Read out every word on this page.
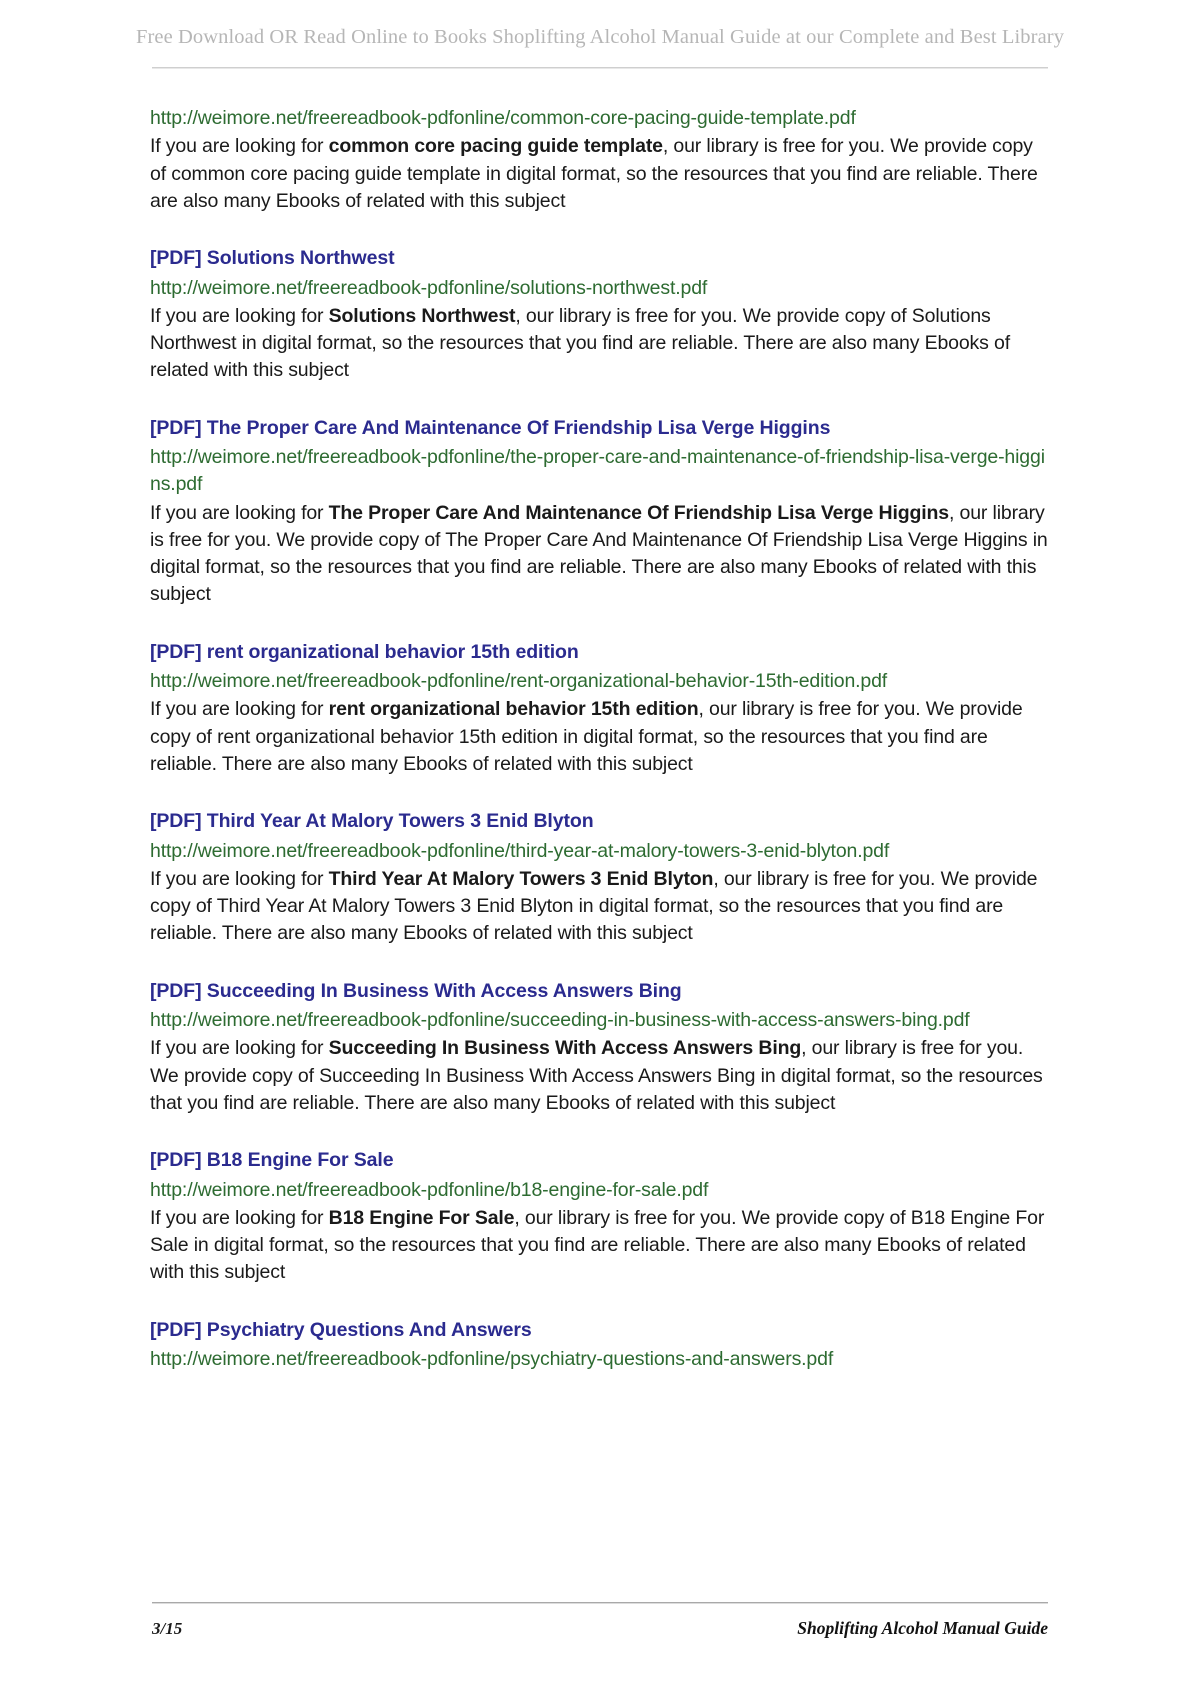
Free Download OR Read Online to Books Shoplifting Alcohol Manual Guide at our Complete and Best Library
http://weimore.net/freereadbook-pdfonline/common-core-pacing-guide-template.pdf

If you are looking for common core pacing guide template, our library is free for you. We provide copy of common core pacing guide template in digital format, so the resources that you find are reliable. There are also many Ebooks of related with this subject

[PDF] Solutions Northwest
http://weimore.net/freereadbook-pdfonline/solutions-northwest.pdf

If you are looking for Solutions Northwest, our library is free for you. We provide copy of Solutions Northwest in digital format, so the resources that you find are reliable. There are also many Ebooks of related with this subject

[PDF] The Proper Care And Maintenance Of Friendship Lisa Verge Higgins
http://weimore.net/freereadbook-pdfonline/the-proper-care-and-maintenance-of-friendship-lisa-verge-higgins.pdf

If you are looking for The Proper Care And Maintenance Of Friendship Lisa Verge Higgins, our library is free for you. We provide copy of The Proper Care And Maintenance Of Friendship Lisa Verge Higgins in digital format, so the resources that you find are reliable. There are also many Ebooks of related with this subject

[PDF] rent organizational behavior 15th edition
http://weimore.net/freereadbook-pdfonline/rent-organizational-behavior-15th-edition.pdf

If you are looking for rent organizational behavior 15th edition, our library is free for you. We provide copy of rent organizational behavior 15th edition in digital format, so the resources that you find are reliable. There are also many Ebooks of related with this subject

[PDF] Third Year At Malory Towers 3 Enid Blyton
http://weimore.net/freereadbook-pdfonline/third-year-at-malory-towers-3-enid-blyton.pdf

If you are looking for Third Year At Malory Towers 3 Enid Blyton, our library is free for you. We provide copy of Third Year At Malory Towers 3 Enid Blyton in digital format, so the resources that you find are reliable. There are also many Ebooks of related with this subject

[PDF] Succeeding In Business With Access Answers Bing
http://weimore.net/freereadbook-pdfonline/succeeding-in-business-with-access-answers-bing.pdf

If you are looking for Succeeding In Business With Access Answers Bing, our library is free for you. We provide copy of Succeeding In Business With Access Answers Bing in digital format, so the resources that you find are reliable. There are also many Ebooks of related with this subject

[PDF] B18 Engine For Sale
http://weimore.net/freereadbook-pdfonline/b18-engine-for-sale.pdf

If you are looking for B18 Engine For Sale, our library is free for you. We provide copy of B18 Engine For Sale in digital format, so the resources that you find are reliable. There are also many Ebooks of related with this subject

[PDF] Psychiatry Questions And Answers
http://weimore.net/freereadbook-pdfonline/psychiatry-questions-and-answers.pdf
3/15	Shoplifting Alcohol Manual Guide
